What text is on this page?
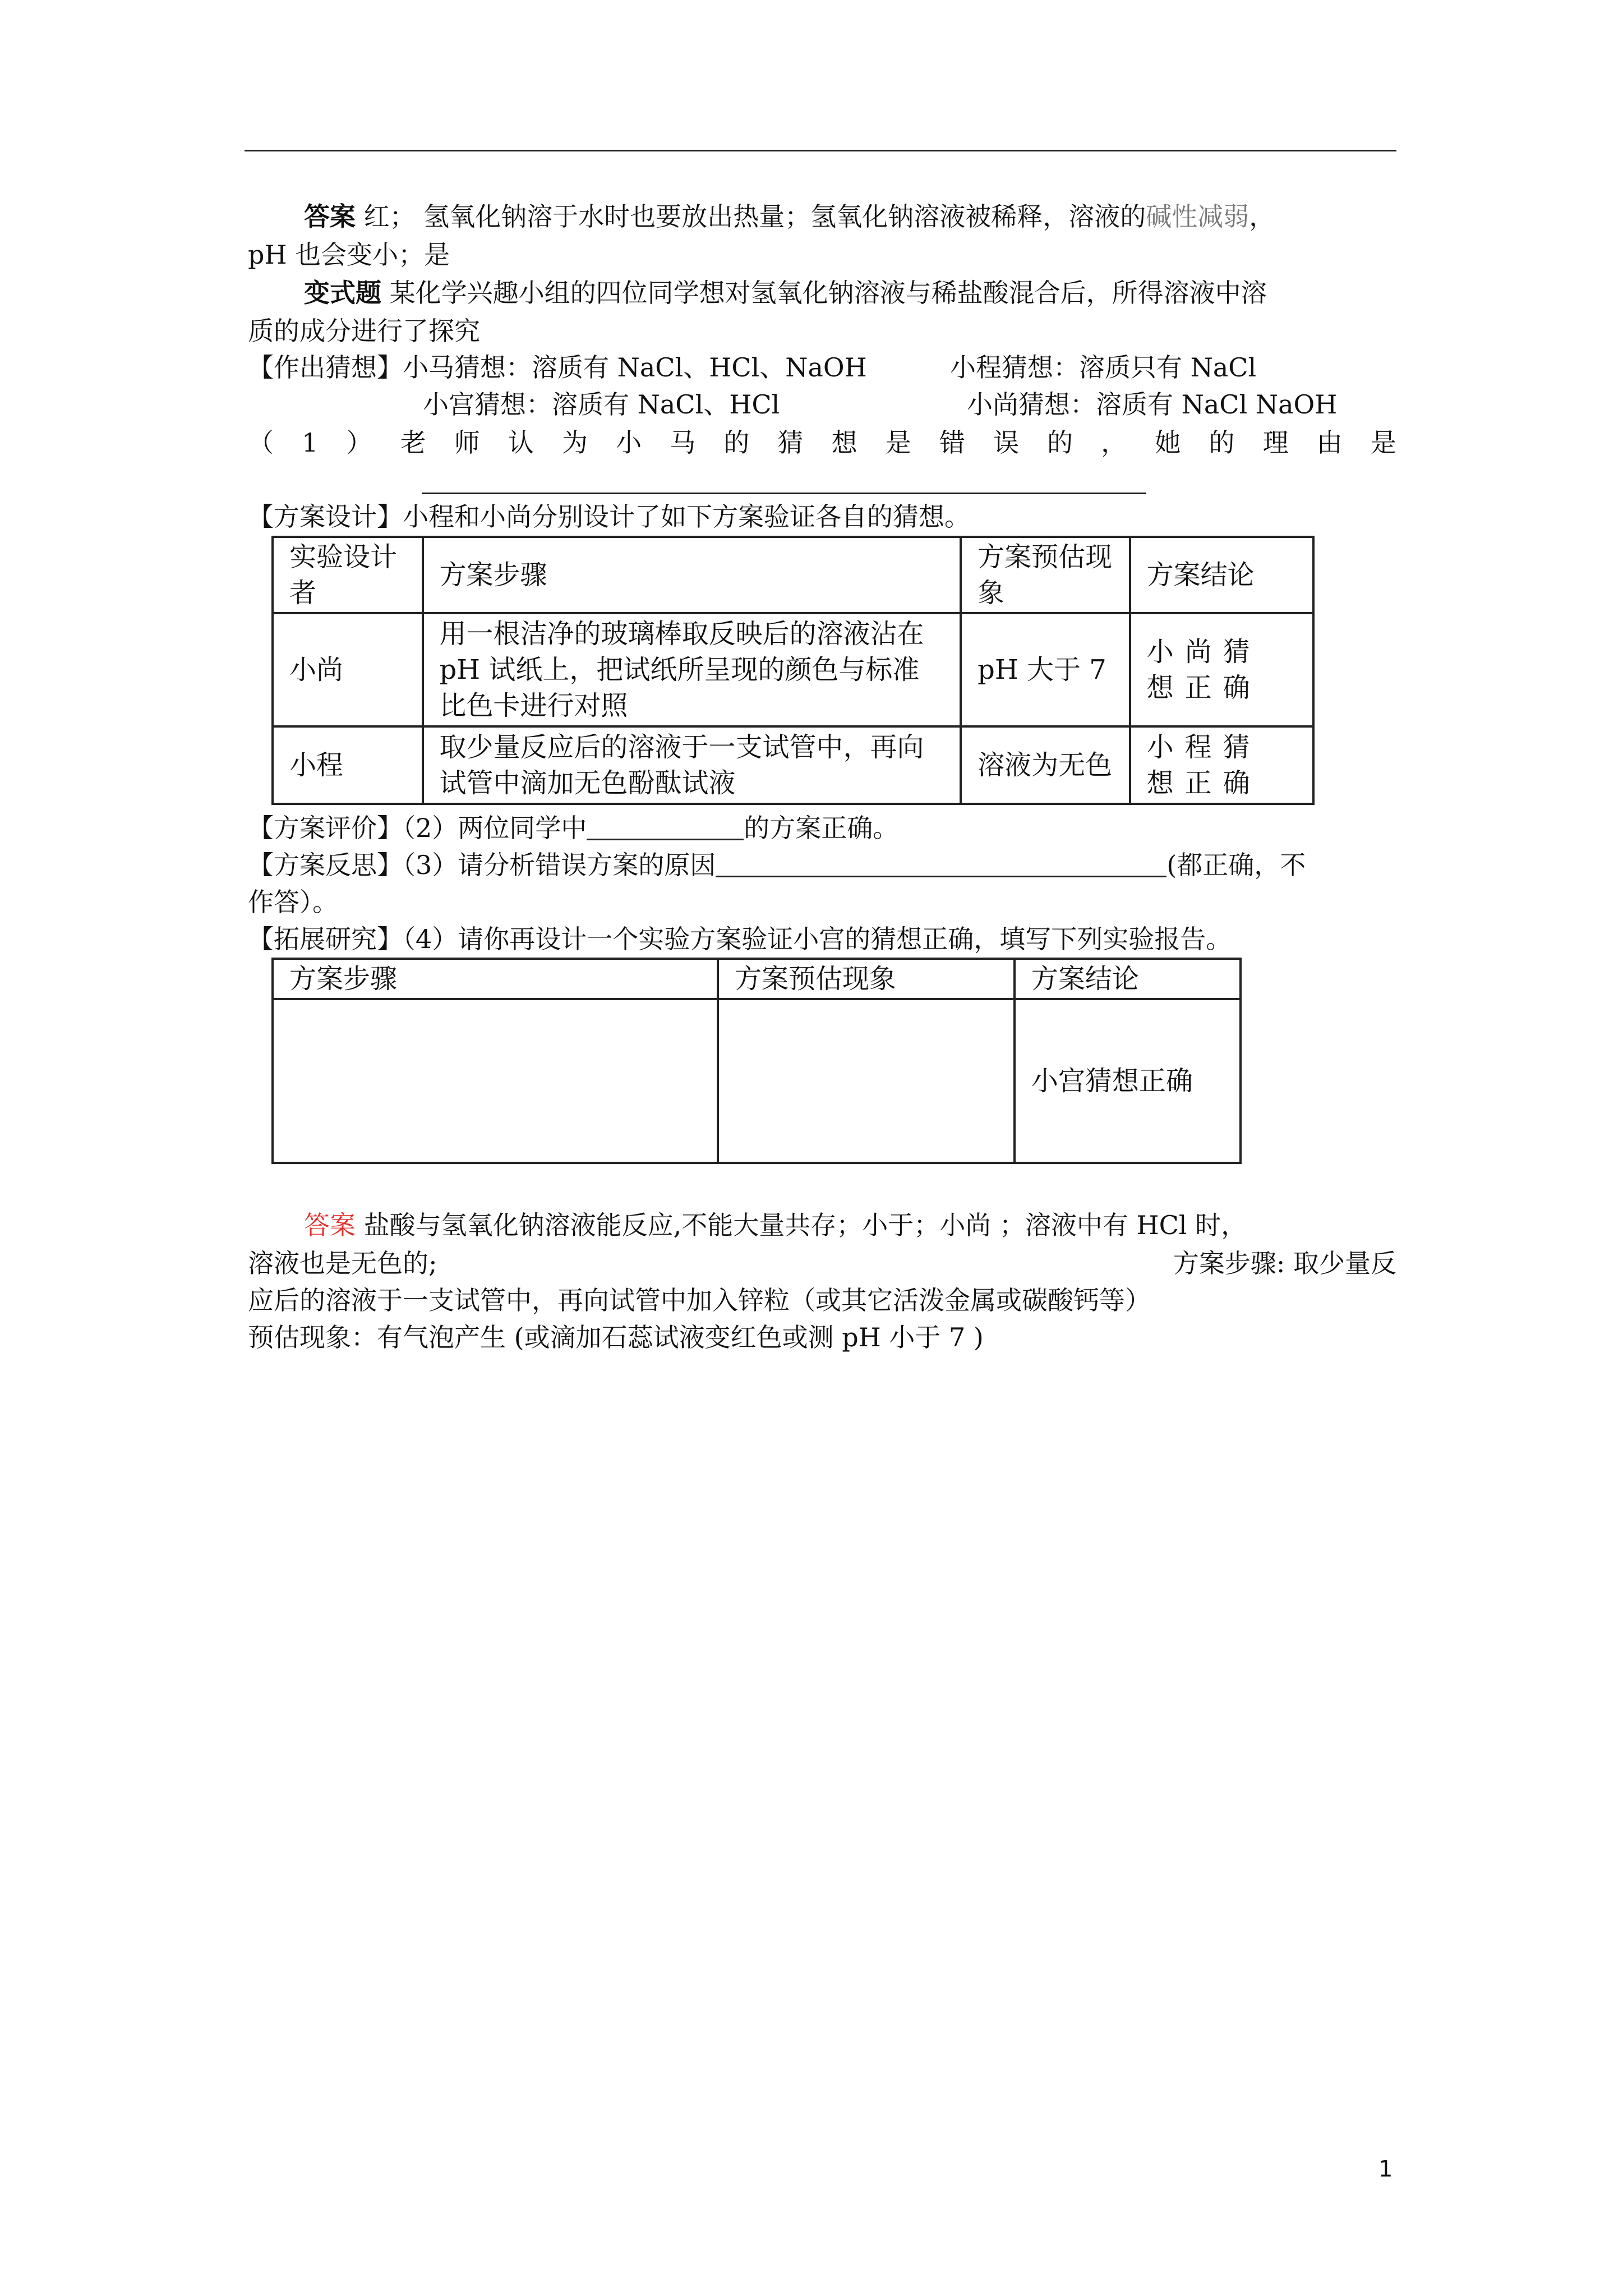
答案 红； 氢氧化钠溶于水时也要放出热量；氢氧化钠溶液被稀释，溶液的碱性减弱，
pH 也会变小；是
变式题 某化学兴趣小组的四位同学想对氢氧化钠溶液与稀盐酸混合后，所得溶液中溶
质的成分进行了探究
【作出猜想】小马猜想：溶质有 NaCl、HCl、NaOH	小程猜想：溶质只有 NaCl
小宫猜想：溶质有 NaCl、HCl	小尚猜想：溶质有 NaCl NaOH
（ 1 ） 老 师 认 为 小 马 的 猜 想 是 错 误 的 ， 她 的 理 由 是
【方案设计】小程和小尚分别设计了如下方案验证各自的猜想。
实验设计者	方案步骤	方案预估现象	方案结论
小尚	用一根洁净的玻璃棒取反映后的溶液沾在 pH 试纸上，把试纸所呈现的颜色与标准比色卡进行对照	pH 大于 7	小尚猜想正确
小程	取少量反应后的溶液于一支试管中，再向试管中滴加无色酚酞试液	溶液为无色	小程猜想正确
【方案评价】（2）两位同学中	的方案正确。
【方案反思】（3）请分析错误方案的原因	(都正确，不
作答）。
【拓展研究】（4）请你再设计一个实验方案验证小宫的猜想正确，填写下列实验报告。
方案步骤	方案预估现象	方案结论
		小宫猜想正确
答案 盐酸与氢氧化钠溶液能反应,不能大量共存；小于；小尚 ；溶液中有 HCl 时，
溶液也是无色的;	方案步骤: 取少量反
应后的溶液于一支试管中，再向试管中加入锌粒（或其它活泼金属或碳酸钙等）
预估现象：有气泡产生 (或滴加石蕊试液变红色或测 pH 小于 7 )
1
